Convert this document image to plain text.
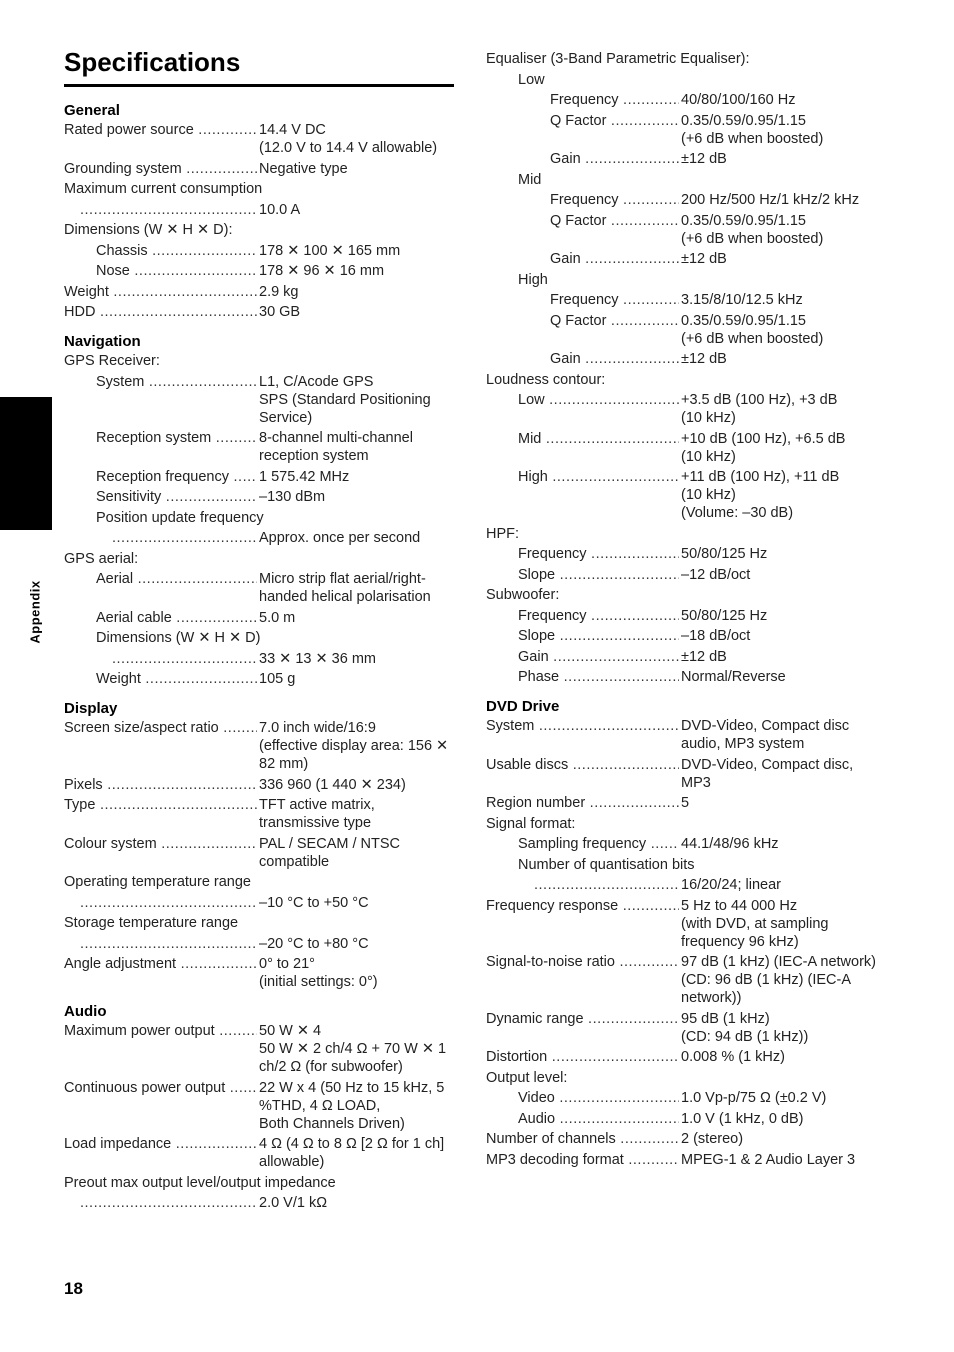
Specifications
Appendix
General
Rated power source .....	14.4 V DC
(12.0 V to 14.4 V allowable)
Grounding system .....	Negative type
Maximum current consumption
.....
10.0 A
Dimensions (W ✕ H ✕ D):
Chassis .....	178 ✕ 100 ✕ 165 mm
Nose .....	178 ✕ 96 ✕ 16 mm
Weight .....	2.9 kg
HDD .....	30 GB
Navigation
GPS Receiver:
System .....	L1, C/Acode GPS
SPS (Standard Positioning Service)
Reception system .....	8-channel multi-channel reception system
Reception frequency .....	1 575.42 MHz
Sensitivity .....	–130 dBm
Position update frequency
.....
Approx. once per second
GPS aerial:
Aerial .....	Micro strip flat aerial/right-handed helical polarisation
Aerial cable .....	5.0 m
Dimensions (W ✕ H ✕ D)
.....
33 ✕ 13 ✕ 36 mm
Weight .....	105 g
Display
Screen size/aspect ratio .....	7.0 inch wide/16:9
(effective display area: 156 ✕ 82 mm)
Pixels .....	336 960 (1 440 ✕ 234)
Type .....	TFT active matrix, transmissive type
Colour system .....	PAL / SECAM / NTSC compatible
Operating temperature range
.....
–10 °C to +50 °C
Storage temperature range
.....
–20 °C to +80 °C
Angle adjustment .....	0° to 21°
(initial settings: 0°)
Audio
Maximum power output .....	50 W ✕ 4
50 W ✕ 2 ch/4 Ω + 70 W ✕ 1 ch/2 Ω (for subwoofer)
Continuous power output .....	22 W x 4 (50 Hz to 15 kHz, 5 %THD, 4 Ω LOAD,
Both Channels Driven)
Load impedance .....	4 Ω (4 Ω to 8 Ω [2 Ω for 1 ch] allowable)
Preout max output level/output impedance
.....
2.0 V/1 kΩ
Equaliser (3-Band Parametric Equaliser):
Low
Frequency .....	40/80/100/160 Hz
Q Factor .....	0.35/0.59/0.95/1.15
(+6 dB when boosted)
Gain .....	±12 dB
Mid
Frequency .....	200 Hz/500 Hz/1 kHz/2 kHz
Q Factor .....	0.35/0.59/0.95/1.15
(+6 dB when boosted)
Gain .....	±12 dB
High
Frequency .....	3.15/8/10/12.5 kHz
Q Factor .....	0.35/0.59/0.95/1.15
(+6 dB when boosted)
Gain .....	±12 dB
Loudness contour:
Low .....	+3.5 dB (100 Hz), +3 dB
(10 kHz)
Mid .....	+10 dB (100 Hz), +6.5 dB
(10 kHz)
High .....	+11 dB (100 Hz), +11 dB
(10 kHz)
(Volume: –30 dB)
HPF:
Frequency .....	50/80/125 Hz
Slope .....	–12 dB/oct
Subwoofer:
Frequency .....	50/80/125 Hz
Slope .....	–18 dB/oct
Gain .....	±12 dB
Phase .....	Normal/Reverse
DVD Drive
System .....	DVD-Video, Compact disc audio, MP3 system
Usable discs .....	DVD-Video, Compact disc, MP3
Region number .....	5
Signal format:
Sampling frequency .....	44.1/48/96 kHz
Number of quantisation bits
.....
16/20/24; linear
Frequency response .....	5 Hz to 44 000 Hz
(with DVD, at sampling frequency 96 kHz)
Signal-to-noise ratio .....	97 dB (1 kHz) (IEC-A network)
(CD: 96 dB (1 kHz) (IEC-A network))
Dynamic range .....	95 dB (1 kHz)
(CD: 94 dB (1 kHz))
Distortion .....	0.008 % (1 kHz)
Output level:
Video .....	1.0 Vp-p/75 Ω (±0.2 V)
Audio .....	1.0 V (1 kHz, 0 dB)
Number of channels .....	2 (stereo)
MP3 decoding format .....	MPEG-1 & 2 Audio Layer 3
18
